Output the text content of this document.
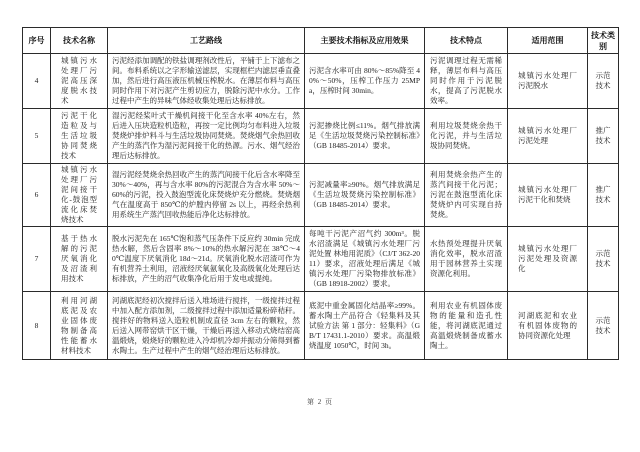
序号	技术名称	工艺路线	主要技术指标及应用效果	技术特点	适用范围	技术类别
4	城镇污水处理厂污泥高压深度脱水技术	污泥经添加调配的铁盐调理剂改性后，平铺于上下滤布之间。布料系统以之字形输送滤层，实现框栏内滤层垂直叠加，然后进行高压液压机械压榨脱水。在薄层布料与高压同时作用下对污泥产生剪切应力，脱除污泥中水分。工作过程中产生的异味气体经收集处理后达标排放。	污泥含水率可由 80%～85%降至 40%～50%，压榨工作压力 25MPa，压榨时间 30min。	污泥调理过程无需稀释，薄层布料与高压同时作用于污泥脱水，提高了污泥脱水效率。	城镇污水处理厂污泥脱水	示范技术
5	污泥干化造粒及与生活垃圾协同焚烧技术	湿污泥经桨叶式干燥机间接干化至含水率 40%左右，然后进入压块造粒机造粒，再按一定比例均匀布料进入垃圾焚烧炉排炉料斗与生活垃圾协同焚烧。焚烧烟气余热回收产生的蒸汽作为湿污泥间接干化的热源。污水、烟气经治理后达标排放。	污泥掺烧比例≤11%。烟气排放满足《生活垃圾焚烧污染控制标准》（GB 18485-2014）要求。	利用垃圾焚烧余热干化污泥，并与生活垃圾协同焚烧。	城镇污水处理厂污泥处理	推广技术
6	城镇污水处理厂污泥间接干化-鼓泡型流化床焚烧技术	湿污泥经焚烧余热回收产生的蒸汽间接干化后含水率降至 30%～40%，再与含水率 80%的污泥混合为含水率 50%～60%的污泥，投入鼓泡型流化床焚烧炉充分燃烧。焚烧烟气在温度高于 850℃的炉膛内停留 2s 以上，再经余热利用系统生产蒸汽回收热能后净化达标排放。	污泥减量率≥90%。烟气排放满足《生活垃圾焚烧污染控制标准》（GB 18485-2014）要求。	利用焚烧余热产生的蒸汽间接干化污泥；污泥在鼓泡型流化床焚烧炉内可实现自持焚烧。	城镇污水处理厂污泥干化和焚烧	推广技术
7	基于热水解的污泥厌氧消化及沼渣利用技术	脱水污泥先在 165℃饱和蒸气压条件下反应约 30min 完成热水解，然后含固率 8%～10%的热水解污泥在 38℃～40℃温度下厌氧消化 18d～21d。厌氧消化脱水沼渣可作为有机营养土利用，沼液经厌氧氨氧化及高级氧化处理后达标排放，产生的沼气收集净化后用于发电或提纯。	每吨干污泥产沼气约 300m³。脱水沼渣满足《城镇污水处理厂污泥处置 林地用泥质》（CJ/T 362-2011）要求，沼液处理后满足《城镇污水处理厂污染物排放标准》（GB 18918-2002）要求。	水热预处理提升厌氧消化效率，脱水沼渣用于园林营养土实现资源化利用。	城镇污水处理厂污泥处理及资源化	示范技术
8	利用河湖底泥及农业固体废物制备高性能蓄水材料技术	河湖底泥经初次搅拌后送入堆场进行搅拌，一级搅拌过程中加入配方添加剂，二级搅拌过程中添加适量粉碎秸秆。搅拌好的物料送入造粒机制成直径 3cm 左右的颗粒，然后送入网带窑烘干区干燥，干燥后再送入移动式烧结窑高温煅烧，煅烧好的颗粒进入冷却机冷却并振动分筛得到蓄水陶土。生产过程中产生的烟气经治理后达标排放。	底泥中重金属固化结晶率≥99%。蓄水陶土产品符合《轻集料及其试验方法 第 1 部分：轻集料》（GB/T 17431.1-2010）要求。高温煅烧温度 1050℃，时间 3h。	利用农业有机固体废物的能量和造孔性能，将河湖底泥通过高温煅烧制备成蓄水陶土。	河湖底泥和农业有机固体废物的协同资源化处理	示范技术
第 2 页
